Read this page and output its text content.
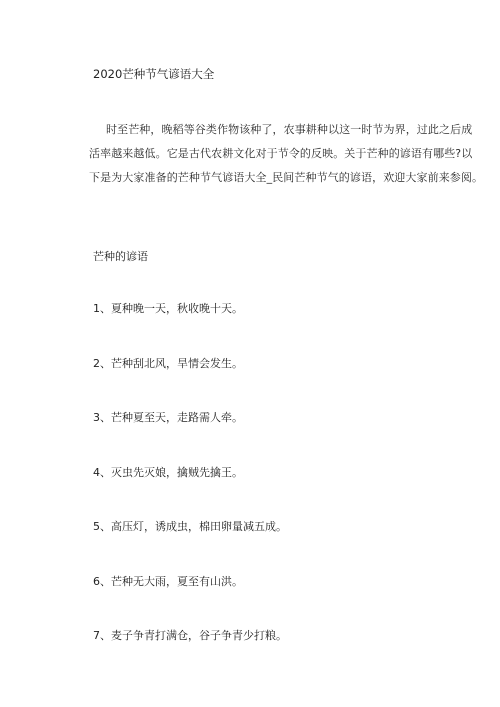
2020芒种节气谚语大全
时至芒种，晚稻等谷类作物该种了，农事耕种以这一时节为界，过此之后成
活率越来越低。它是古代农耕文化对于节令的反映。关于芒种的谚语有哪些?以
下是为大家准备的芒种节气谚语大全_民间芒种节气的谚语，欢迎大家前来参阅。
芒种的谚语
1、夏种晚一天，秋收晚十天。
2、芒种刮北风，旱情会发生。
3、芒种夏至天，走路需人牵。
4、灭虫先灭娘，擒贼先擒王。
5、高压灯，诱成虫，棉田卵量减五成。
6、芒种无大雨，夏至有山洪。
7、麦子争青打满仓，谷子争青少打粮。
